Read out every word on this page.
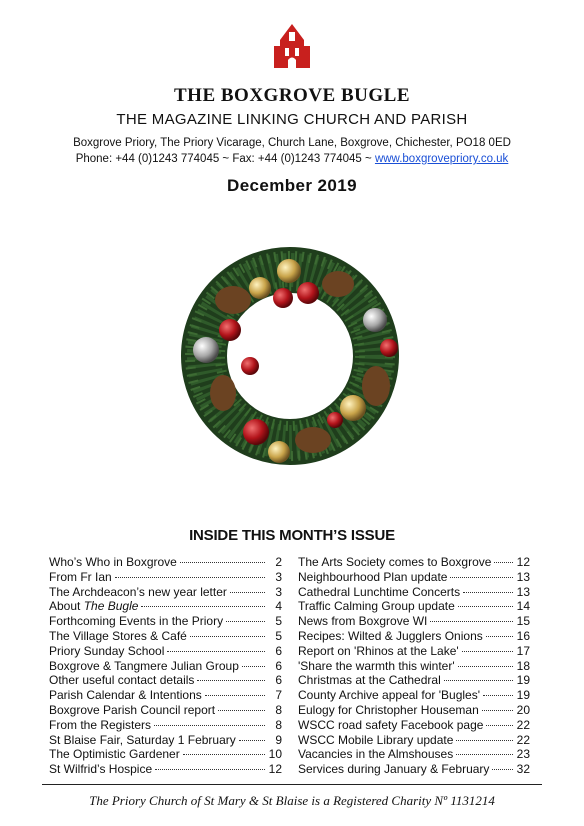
THE BOXGROVE BUGLE
THE MAGAZINE LINKING CHURCH AND PARISH
Boxgrove Priory, The Priory Vicarage, Church Lane, Boxgrove, Chichester, PO18 0ED
Phone: +44 (0)1243 774045 ~ Fax: +44 (0)1243 774045 ~ www.boxgrovepriory.co.uk
December 2019
INSIDE THIS MONTH’S ISSUE
Who’s Who in Boxgrove	2
From Fr Ian	3
The Archdeacon’s new year letter	3
About The Bugle	4
Forthcoming Events in the Priory	5
The Village Stores & Café	5
Priory Sunday School	6
Boxgrove & Tangmere Julian Group	6
Other useful contact details	6
Parish Calendar & Intentions	7
Boxgrove Parish Council report	8
From the Registers	8
St Blaise Fair, Saturday 1 February	9
The Optimistic Gardener	10
St Wilfrid’s Hospice	12
The Arts Society comes to Boxgrove 12
Neighbourhood Plan update	13
Cathedral Lunchtime Concerts	13
Traffic Calming Group update	14
News from Boxgrove WI	15
Recipes: Wilted & Jugglers Onions	16
Report on 'Rhinos at the Lake'	17
'Share the warmth this winter'	18
Christmas at the Cathedral	19
County Archive appeal for 'Bugles'	19
Eulogy for Christopher Houseman	20
WSCC road safety Facebook page	22
WSCC Mobile Library update	22
Vacancies in the Almshouses	23
Services during January & February 32
The Priory Church of St Mary & St Blaise is a Registered Charity Nº 1131214
